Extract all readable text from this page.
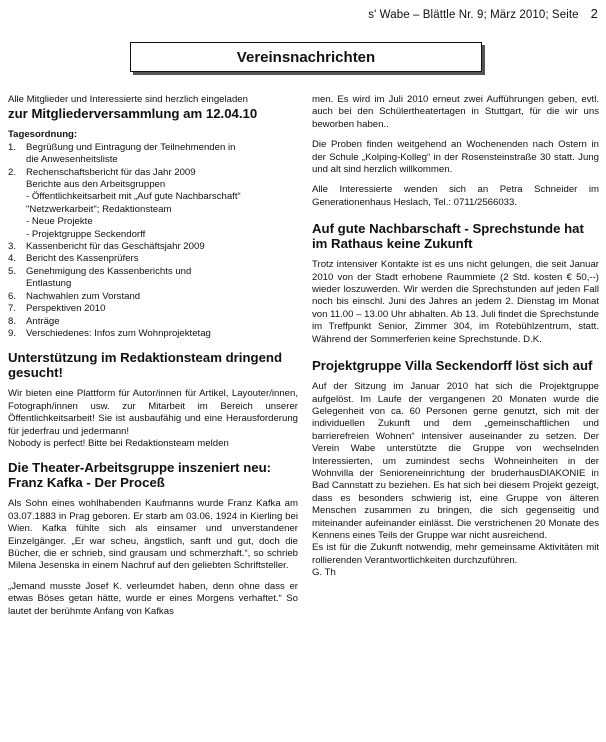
s' Wabe – Blättle Nr. 9; März 2010; Seite 2
Vereinsnachrichten

Alle Mitglieder und Interessierte sind herzlich eingeladen

zur Mitgliederversammlung am 12.04.10

Tagesordnung:

1.	Begrüßung und Eintragung der Teilnehmenden in
die Anwesenheitsliste
2.	Rechenschaftsbericht für das Jahr 2009
Berichte aus den Arbeitsgruppen
- Öffentlichkeitsarbeit mit „Auf gute Nachbarschaft“
"Netzwerkarbeit"; Redaktionsteam
- Neue Projekte
- Projektgruppe Seckendorff
3.	Kassenbericht für das Geschäftsjahr 2009
4.	Bericht des Kassenprüfers
5.	Genehmigung des Kassenberichts und
Entlastung
6.	Nachwahlen zum Vorstand
7.	Perspektiven 2010
8.	Anträge
9.	Verschiedenes: Infos zum Wohnprojektetag
Unterstützung im Redaktionsteam dringend gesucht!

Wir bieten eine Plattform für Autor/innen für Artikel, Layouter/innen, Fotograph/innen usw. zur Mitarbeit im Bereich unserer Öffentlichkeitsarbeit! Sie ist ausbaufähig und eine Herausforderung für jederfrau und jedermann!

Nobody is perfect! Bitte bei Redaktionsteam melden

Die Theater-Arbeitsgruppe inszeniert neu: Franz Kafka - Der Proceß

Als Sohn eines wohlhabenden Kaufmanns wurde Franz Kafka am 03.07.1883 in Prag geboren. Er starb am 03.06. 1924 in Kierling bei Wien. Kafka fühlte sich als einsamer und unverstandener Einzelgänger. „Er war scheu, ängstlich, sanft und gut, doch die Bücher, die er schrieb, sind grausam und schmerzhaft.“, so schrieb Milena Jesenska in einem Nachruf auf den geliebten Schriftsteller.

„Jemand musste Josef K. verleumdet haben, denn ohne dass er etwas Böses getan hätte, wurde er eines Morgens verhaftet.“ So lautet der berühmte Anfang von Kafkas

men. Es wird im Juli 2010 erneut zwei Aufführungen geben, evtl. auch bei den Schülertheatertagen in Stuttgart, für die wir uns beworben haben..

Die Proben finden weitgehend an Wochenenden nach Ostern in der Schule „Kolping-Kolleg“ in der Rosensteinstraße 30 statt. Jung und alt sind herzlich willkommen.

Alle Interessierte wenden sich an Petra Schneider im Generationenhaus Heslach, Tel.: 0711/2566033.

Auf gute Nachbarschaft - Sprechstunde hat im Rathaus keine Zukunft

Trotz intensiver Kontakte ist es uns nicht gelungen, die seit Januar 2010 von der Stadt erhobene Raummiete (2 Std. kosten € 50,--) wieder loszuwerden. Wir werden die Sprechstunden auf jeden Fall noch bis einschl. Juni des Jahres an jedem 2. Dienstag im Monat von 11.00 – 13.00 Uhr abhalten. Ab 13. Juli findet die Sprechstunde im Treffpunkt Senior, Zimmer 304, im Rotebühlzentrum, statt. Während der Sommerferien keine Sprechstunde. D.K.

Projektgruppe Villa Seckendorff löst sich auf

Auf der Sitzung im Januar 2010 hat sich die Projektgruppe aufgelöst. Im Laufe der vergangenen 20 Monaten wurde die Gelegenheit von ca. 60 Personen gerne genutzt, sich mit der individuellen Zukunft und dem „gemeinschaftlichen und barrierefreien Wohnen“ intensiver auseinander zu setzen. Der Verein Wabe unterstützte die Gruppe von wechselnden Interessierten, um zumindest sechs Wohneinheiten in der Wohnvilla der Senioreneinrichtung der bruderhausDIAKONIE in Bad Cannstatt zu beziehen. Es hat sich bei diesem Projekt gezeigt, dass es besonders schwierig ist, eine Gruppe von älteren Menschen zusammen zu bringen, die sich gegenseitig und miteinander aufeinander einlässt. Die verstrichenen 20 Monate des Kennens eines Teils der Gruppe war nicht ausreichend.

Es ist für die Zukunft notwendig, mehr gemeinsame Aktivitäten mit rollierenden Verantwortlichkeiten durchzuführen.

G. Th
